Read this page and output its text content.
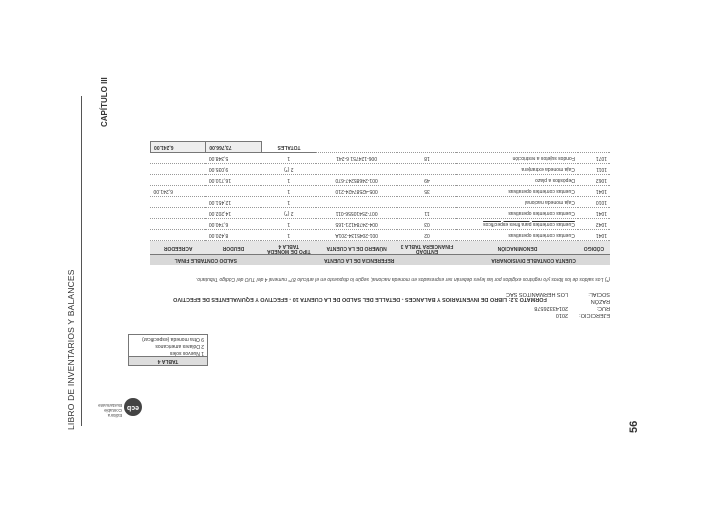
LIBRO DE INVENTARIOS Y BALANCES
CAPÍTULO III
56
ecb
Editora
Contable Bustamante
TABLA 4
1 Nuevos soles
2 Dólares americanos
9 Otra moneda (especificar)
(*) Los saldos de los libros y/o registros exigidos por las leyes deberán ser expresados en moneda nacional, según lo dispuesto en el artículo 87° numeral 4 del TUO del Código Tributario.
CUENTA CONTABLE DIVISIONARIA		REFERENCIA DE LA CUENTA			SALDO CONTABLE FINAL	
CÓDIGO	DENOMINACIÓN	ENTIDAD FINANCIERA TABLA 3	NÚMERO DE LA CUENTA	TIPO DE MONEDA TABLA 4	DEUDOR	ACREEDOR
1041	Cuentas corrientes operativas	02	001-2045134-201A	1	8,420.00	
1042	Cuentas corrientes para fines específicos	03	004-24784121-165	1	6,740.00	
1041	Cuentas corrientes operativas	11	007-25410556-011	2 (*)	14,202.00	
1010	Caja moneda nacional			1	12,451.00	
1041	Cuentas corrientes operativas	35	005-42587424-210	1		6,241.00
1062	Depósitos a plazo	49	001-24685247-670	1	16,710.00	
1011	Caja moneda extranjera			2 (*)	9,035.00	
1071	Fondos sujetos a restricción	18	006-124751 6-241	1	5,348.00	
				TOTALES	73,766.00	6,241.00
FORMATO 3.2: LIBRO DE INVENTARIOS Y BALANCES - DETALLE DEL SALDO DE LA CUENTA 10 - EFECTIVO Y EQUIVALENTES DE EFECTIVO
EJERCICIO:2010
RUC:20143326578
RAZÓN SOCIAL:LOS HERMANITOS SAC
